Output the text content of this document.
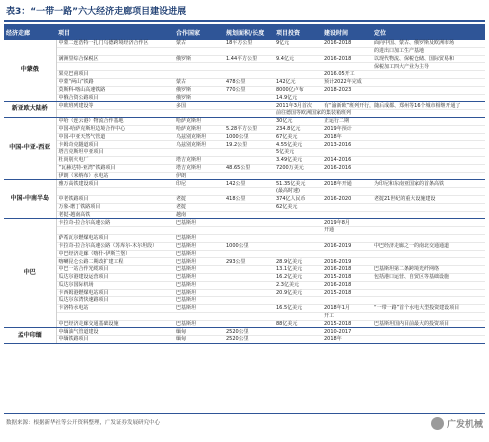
表3：“一带一路”六大经济走廊项目建设进展
经济走廊	项目	合作国家	规划面积/长度	项目投资	建设时间	定位
中蒙俄	中蒙二连浩特一扎门乌德跨境经济合作区	蒙古	18平方公里	9亿元	2016-2018	面向中国、蒙古、俄罗斯及欧洲市场
						的进出口加工生产基地
	满洲里综合保税区	俄罗斯	1.44平方公里	9.4亿元	2016-2018	以现代物流、保税仓储、国际贸易和
						保税加工四大产业为主导
	果克巴甫项目				2016.05开工	
	中蒙“两山”铁路	蒙古	478公里	142亿元	预计2022年完成	
	莫斯科-喀山高速铁路	俄罗斯	770公里	8000亿卢布	2018-2023	
	中俄合资公路项目	俄罗斯		14.9亿元		
新亚欧大陆桥	中欧班列建设等	多国		2011年3月首次	有“渝新欧”班列开行，随后成都、郑州等16个城市相继开通了	
				前往德国等欧洲国家的集装箱班列		
中国-中亚-西亚	中哈（连云港）物流合作基地	哈萨克斯坦		30亿元	正运行二期	
	中国-哈萨克斯坦边境合作中心	哈萨克斯坦	5.28平方公里	234.8亿元	2019年预计	
	中国-中亚天然气管道	乌兹别克斯坦	1000公里	67亿美元	2018年	
	卡姆奇克隧道项目	乌兹别克斯坦	19.2公里	4.55亿美元	2013-2016	
	塔吉克斯坦中亚项目			5亿美元		
	杜尚别火电厂	塔吉克斯坦		3.49亿美元	2014-2016	
	“瓦赫达特-亚湾”铁路项目	塔吉克斯坦	48.65公里	7200万美元	2016-2016	
	伊朗（米纳布）水电站	伊朗				
中国-中南半岛	雅万高铁建设项目	印尼	142公里	51.35亿美元	2018年开通	为印尼和东南亚国家的首条高铁
				(最高时速)		
	中老铁路项目	老挝	418公里	374亿人民币	2016-2020	老挝21世纪的重大设施建设
	万象-磨丁铁路项目	老挝		62亿美元		
	老挝-越南高铁	越南				
中巴	卡拉奇-拉合尔高速公路	巴基斯坦			2019年8月	
					开通	
	萨希瓦尔燃煤电站项目	巴基斯坦				
	卡拉奇-拉合尔高速公路（苏库尔-木尔坦段）	巴基斯坦	1000公里		2016-2019	中巴经济走廊之一的南北交通通道
	中巴经济走廊（喀什-伊斯兰堡）	巴基斯坦				
	喀喇昆仑公路二期改扩建工程	巴基斯坦	293公里	28.9亿美元	2016-2019	
	中巴一站合作光缆项目	巴基斯坦		13.1亿美元	2016-2018	巴基斯坦第二条跨境光纤网络
	瓜达尔港建设运营项目	巴基斯坦		16.2亿美元	2015-2018	包括港口运营、自贸区等基础设施
	瓜达尔国际机场	巴基斯坦		2.3亿美元	2016-2018	
	卡西姆港燃煤电站项目	巴基斯坦		20.9亿美元	2015-2018	
	瓜达尔东湾快速路项目	巴基斯坦				
	卡洛特水电站	巴基斯坦		16.5亿美元	2018年1月	“一带一路”首个水电大型投资建设项目
					开工	
	中巴经济走廊交通基础设施	巴基斯坦		88亿美元	2015-2018	巴基斯坦国内目前最大的投资项目
孟中印缅	中缅油气管道建设	缅甸	2520公里		2010-2017	
	中缅铁路项目	缅甸	2520公里		2018年	
数据来源：根据新华社等公开资料整理，广发证券发展研究中心	广发机械
